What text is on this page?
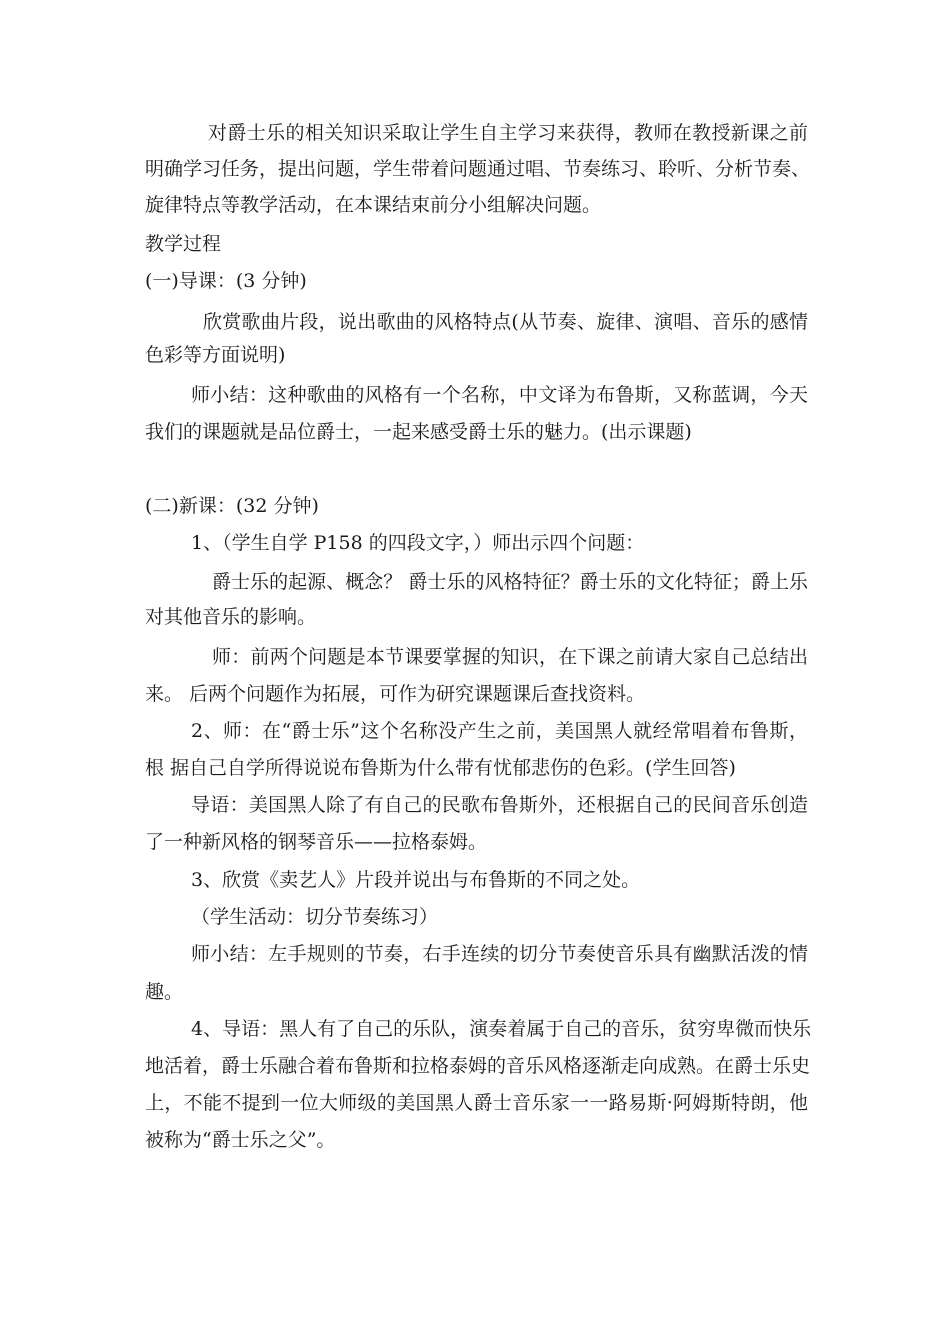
对爵士乐的相关知识采取让学生自主学习来获得，教师在教授新课之前
明确学习任务，提出问题，学生带着问题通过唱、节奏练习、聆听、分析节奏、
旋律特点等教学活动，在本课结束前分小组解决问题。
教学过程
(一)导课：(3 分钟)
欣赏歌曲片段，说出歌曲的风格特点(从节奏、旋律、演唱、音乐的感情
色彩等方面说明)
师小结：这种歌曲的风格有一个名称，中文译为布鲁斯，又称蓝调，今天
我们的课题就是品位爵士，一起来感受爵士乐的魅力。(出示课题)
(二)新课：(32 分钟)
1、（学生自学 P158 的四段文字，）师出示四个问题：
爵士乐的起源、概念？ 爵士乐的风格特征？爵士乐的文化特征；爵上乐
对其他音乐的影响。
师：前两个问题是本节课要掌握的知识，在下课之前请大家自己总结出
来。 后两个问题作为拓展，可作为研究课题课后查找资料。
2、师：在“爵士乐”这个名称没产生之前，美国黑人就经常唱着布鲁斯，
根 据自己自学所得说说布鲁斯为什么带有忧郁悲伤的色彩。(学生回答)
导语：美国黑人除了有自己的民歌布鲁斯外，还根据自己的民间音乐创造
了一种新风格的钢琴音乐——拉格泰姆。
3、欣赏《卖艺人》片段并说出与布鲁斯的不同之处。
（学生活动：切分节奏练习）
师小结：左手规则的节奏，右手连续的切分节奏使音乐具有幽默活泼的情
趣。
4、导语：黑人有了自己的乐队，演奏着属于自己的音乐，贫穷卑微而快乐
地活着，爵士乐融合着布鲁斯和拉格泰姆的音乐风格逐渐走向成熟。在爵士乐史
上，不能不提到一位大师级的美国黑人爵士音乐家一一路易斯·阿姆斯特朗，他
被称为“爵士乐之父”。
